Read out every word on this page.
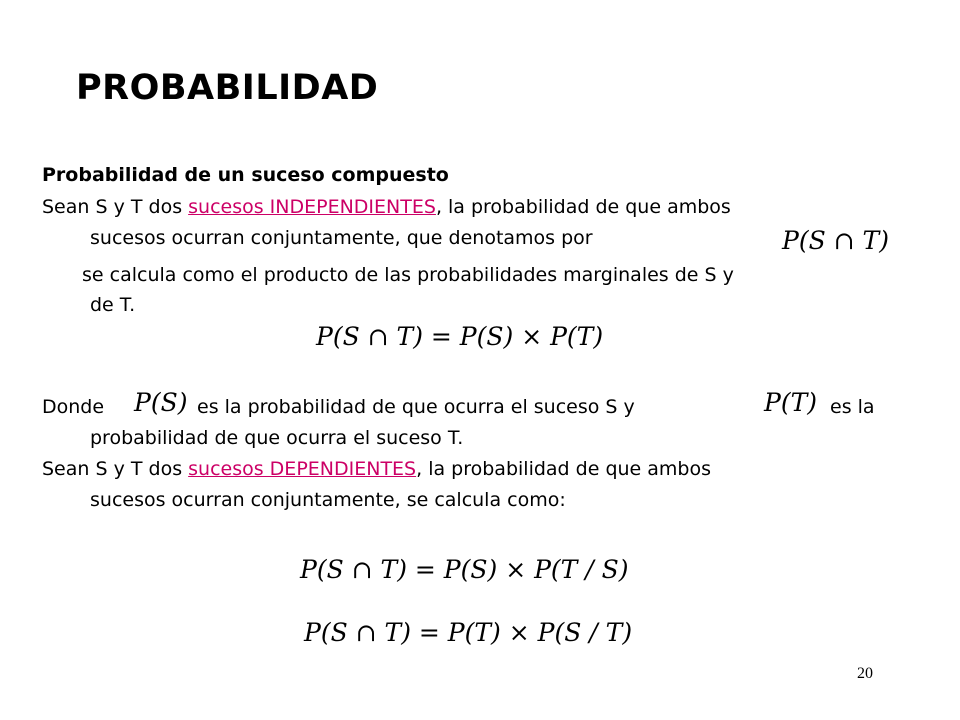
PROBABILIDAD
Probabilidad de un suceso compuesto
Sean S y T dos sucesos INDEPENDIENTES, la probabilidad de que ambos
sucesos ocurran conjuntamente, que denotamos por	P(S ∩ T)
se calcula como el producto de las probabilidades marginales de S y
de T.
P(S ∩ T) = P(S) × P(T)
Donde P(S) es la probabilidad de que ocurra el suceso S y	P(T) es la
probabilidad de que ocurra el suceso T.
Sean S y T dos sucesos DEPENDIENTES, la probabilidad de que ambos
sucesos ocurran conjuntamente, se calcula como:
P(S ∩ T) = P(S) × P(T / S)
P(S ∩ T) = P(T) × P(S / T)
20
